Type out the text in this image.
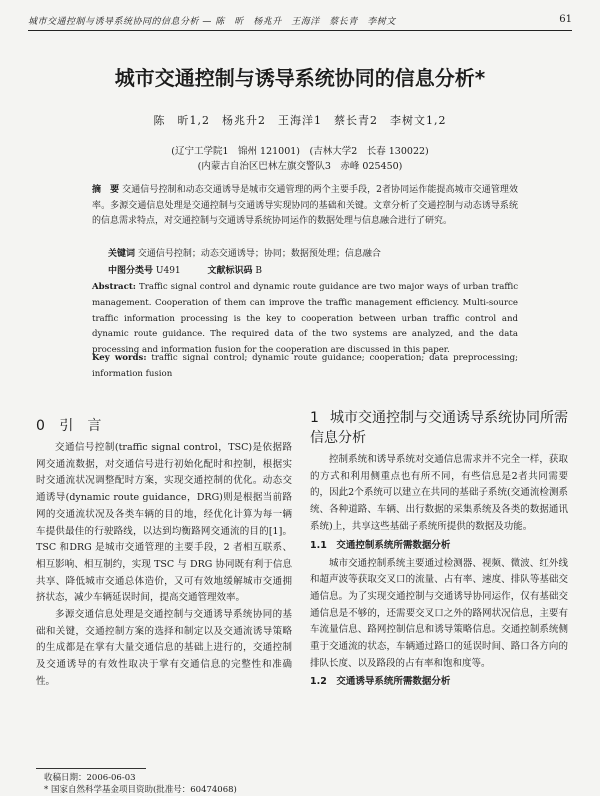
城市交通控制与诱导系统协同的信息分析 — 陈　昕　杨兆升　王海洋　蔡长青　李树文	61
城市交通控制与诱导系统协同的信息分析*
陈　昕1,2　杨兆升2　王海洋1　蔡长青2　李树文1,2
(辽宁工学院1　锦州 121001)　(吉林大学2　长春 130022)
(内蒙古自治区巴林左旗交警队3　赤峰 025450)
摘　要 交通信号控制和动态交通诱导是城市交通管理的两个主要手段，2者协同运作能提高城市交通管理效率。多源交通信息处理是交通控制与交通诱导实现协同的基础和关键。文章分析了交通控制与动态诱导系统的信息需求特点，对交通控制与交通诱导系统协同运作的数据处理与信息融合进行了研究。
关键词 交通信号控制；动态交通诱导；协同；数据预处理；信息融合
中图分类号 U491	文献标识码 B
Abstract: Traffic signal control and dynamic route guidance are two major ways of urban traffic management. Cooperation of them can improve the traffic management efficiency. Multi-source traffic information processing is the key to cooperation between urban traffic control and dynamic route guidance. The required data of the two systems are analyzed, and the data processing and information fusion for the cooperation are discussed in this paper.
Key words: traffic signal control; dynamic route guidance; cooperation; data preprocessing; information fusion
0 引　言

交通信号控制(traffic signal control，TSC)是依据路网交通流数据，对交通信号进行初始化配时和控制，根据实时交通流状况调整配时方案，实现交通控制的优化。动态交通诱导(dynamic route guidance，DRG)则是根据当前路网的交通流状况及各类车辆的目的地，经优化计算为每一辆车提供最佳的行驶路线，以达到均衡路网交通流的目的[1]。TSC 和DRG 是城市交通管理的主要手段，2 者相互联系、相互影响、相互制约，实现 TSC 与 DRG 协同既有利于信息共享、降低城市交通总体造价，又可有效地缓解城市交通拥挤状态，减少车辆延误时间，提高交通管理效率。

多源交通信息处理是交通控制与交通诱导系统协同的基础和关键，交通控制方案的选择和制定以及交通流诱导策略的生成都是在掌有大量交通信息的基础上进行的，交通控制及交通诱导的有效性取决于掌有交通信息的完整性和准确性。

1 城市交通控制与交通诱导系统协同所需信息分析

控制系统和诱导系统对交通信息需求并不完全一样，获取的方式和利用侧重点也有所不同，有些信息是2者共同需要的，因此2个系统可以建立在共同的基础子系统(交通流检测系统、各种道路、车辆、出行数据的采集系统及各类的数据通讯系统)上，共享这些基础子系统所提供的数据及功能。

1.1　交通控制系统所需数据分析

城市交通控制系统主要通过检测器、视频、微波、红外线和超声波等获取交叉口的流量、占有率、速度、排队等基础交通信息。为了实现交通控制与交通诱导协同运作，仅有基础交通信息是不够的，还需要交叉口之外的路网状况信息，主要有车流量信息、路网控制信息和诱导策略信息。交通控制系统侧重于交通流的状态，车辆通过路口的延误时间、路口各方向的排队长度、以及路段的占有率和饱和度等。

1.2　交通诱导系统所需数据分析
收稿日期：2006-06-03
* 国家自然科学基金项目资助(批准号：60474068)
